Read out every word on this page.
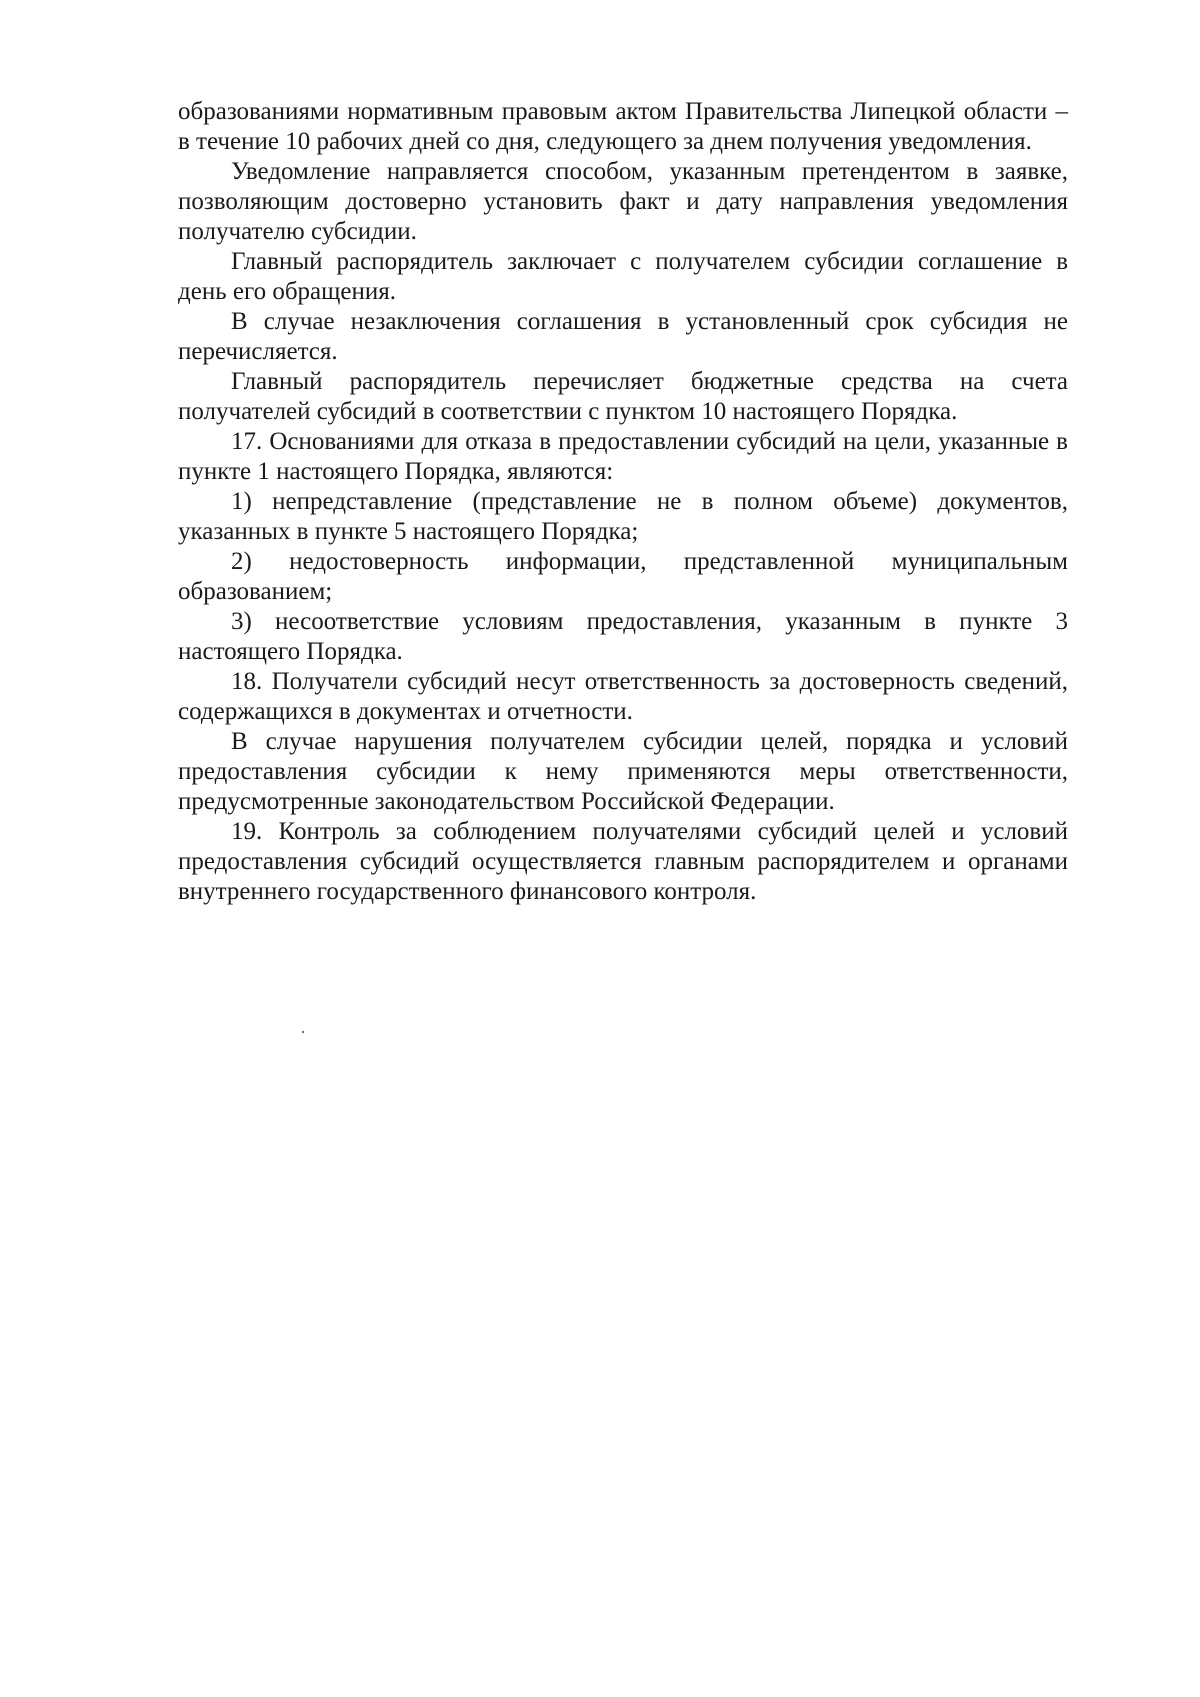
образованиями нормативным правовым актом Правительства Липецкой области – в течение 10 рабочих дней со дня, следующего за днем получения уведомления.

Уведомление направляется способом, указанным претендентом в заявке, позволяющим достоверно установить факт и дату направления уведомления получателю субсидии.

Главный распорядитель заключает с получателем субсидии соглашение в день его обращения.

В случае незаключения соглашения в установленный срок субсидия не перечисляется.

Главный распорядитель перечисляет бюджетные средства на счета получателей субсидий в соответствии с пунктом 10 настоящего Порядка.

17. Основаниями для отказа в предоставлении субсидий на цели, указанные в пункте 1 настоящего Порядка, являются:

1) непредставление (представление не в полном объеме) документов, указанных в пункте 5 настоящего Порядка;

2) недостоверность информации, представленной муниципальным образованием;

3) несоответствие условиям предоставления, указанным в пункте 3 настоящего Порядка.

18. Получатели субсидий несут ответственность за достоверность сведений, содержащихся в документах и отчетности.

В случае нарушения получателем субсидии целей, порядка и условий предоставления субсидии к нему применяются меры ответственности, предусмотренные законодательством Российской Федерации.

19. Контроль за соблюдением получателями субсидий целей и условий предоставления субсидий осуществляется главным распорядителем и органами внутреннего государственного финансового контроля.
